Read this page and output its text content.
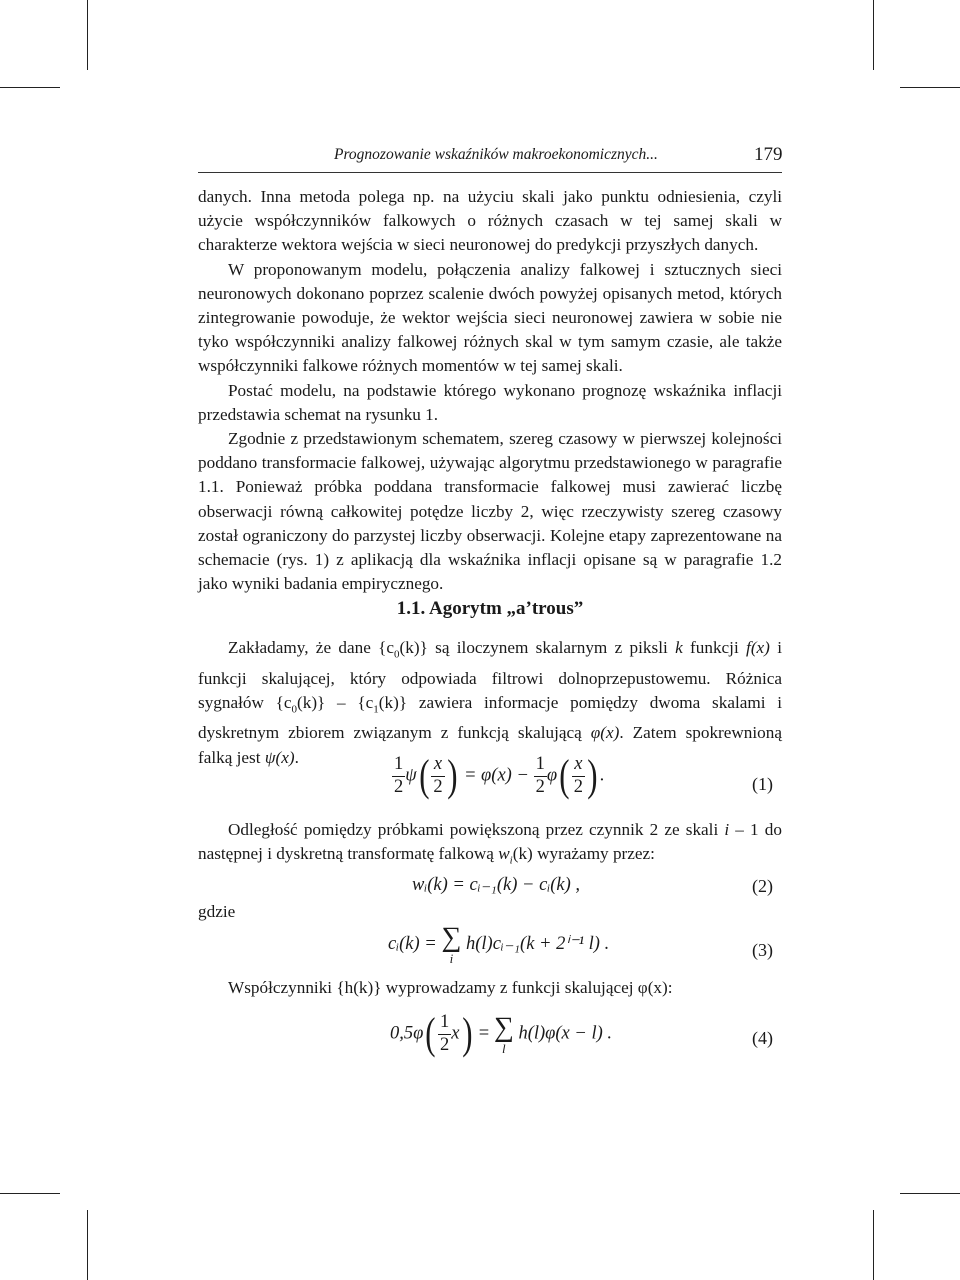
Prognozowanie wskaźników makroekonomicznych...	179

danych. Inna metoda polega np. na użyciu skali jako punktu odniesienia, czyli użycie współczynników falkowych o różnych czasach w tej samej skali w charakterze wektora wejścia w sieci neuronowej do predykcji przyszłych danych.

W proponowanym modelu, połączenia analizy falkowej i sztucznych sieci neuronowych dokonano poprzez scalenie dwóch powyżej opisanych metod, których zintegrowanie powoduje, że wektor wejścia sieci neuronowej zawiera w sobie nie tyko współczynniki analizy falkowej różnych skal w tym samym czasie, ale także współczynniki falkowe różnych momentów w tej samej skali.

Postać modelu, na podstawie którego wykonano prognozę wskaźnika inflacji przedstawia schemat na rysunku 1.

Zgodnie z przedstawionym schematem, szereg czasowy w pierwszej kolejności poddano transformacie falkowej, używając algorytmu przedstawionego w paragrafie 1.1. Ponieważ próbka poddana transformacie falkowej musi zawierać liczbę obserwacji równą całkowitej potędze liczby 2, więc rzeczywisty szereg czasowy został ograniczony do parzystej liczby obserwacji. Kolejne etapy zaprezentowane na schemacie (rys. 1) z aplikacją dla wskaźnika inflacji opisane są w paragrafie 1.2 jako wyniki badania empirycznego.

1.1. Agorytm „a’trous”

Zakładamy, że dane $\{c_0(k)\}$ są iloczynem skalarnym z piksli k funkcji f(x) i funkcji skalującej, który odpowiada filtrowi dolnoprzepustowemu. Różnica sygnałów $\{c_0(k)\} - \{c_1(k)\}$ zawiera informacje pomiędzy dwoma skalami i dyskretnym zbiorem związanym z funkcją skalującą φ(x). Zatem spokrewnioną falką jest ψ(x).	$\frac{1}{2} \psi( \frac{x}{2}$ ) = $\varphi(x) - \frac{1}{2} \varphi( \frac{x}{2}$ ) .	(1)

Odległość pomiędzy próbkami powiększoną przez czynnik 2 ze skali i – 1 do następnej i dyskretną transformatę falkową $w_i(k)$ wyrażamy przez:

wᵢ(k) = cᵢ₋₁(k) − cᵢ(k) ,	(2)
gdzie
cᵢ(k) = ∑
i
h(l)cᵢ₋₁(k + 2ⁱ⁻¹ l) .	(3)

Współczynniki {h(k)} wyprowadzamy z funkcji skalującej φ(x):

$0,5\varphi( \frac{1}{2} x)$ = ∑
l
h(l)φ(x − l) .	(4)
